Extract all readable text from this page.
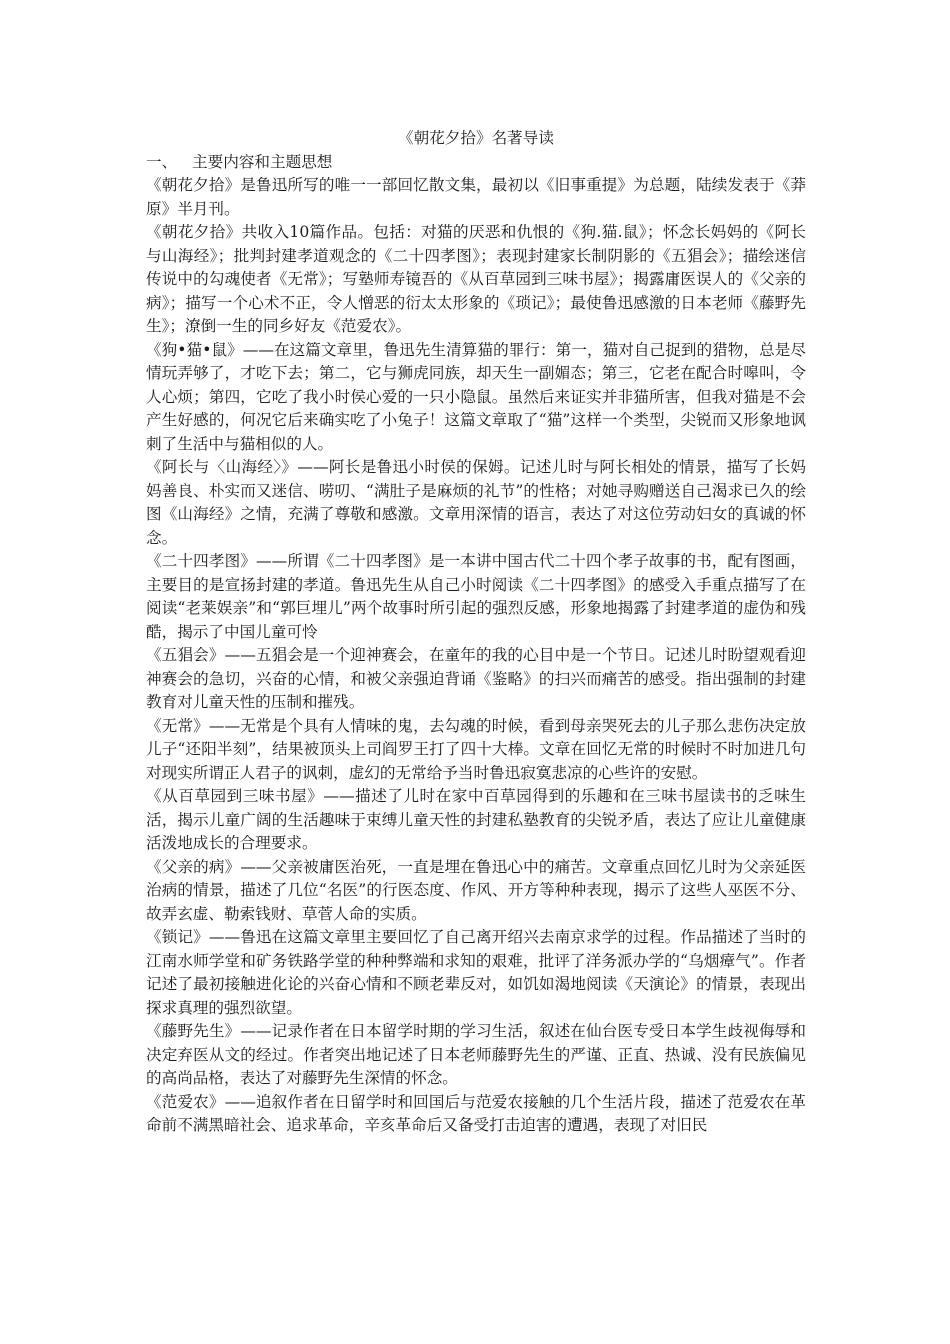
《朝花夕拾》名著导读

一、   主要内容和主题思想

《朝花夕拾》是鲁迅所写的唯一一部回忆散文集，最初以《旧事重提》为总题，陆续发表于《莽原》半月刊。

《朝花夕拾》共收入10篇作品。包括：对猫的厌恶和仇恨的《狗.猫.鼠》；怀念长妈妈的《阿长与山海经》；批判封建孝道观念的《二十四孝图》；表现封建家长制阴影的《五猖会》；描绘迷信传说中的勾魂使者《无常》；写塾师寿镜吾的《从百草园到三味书屋》；揭露庸医误人的《父亲的病》；描写一个心术不正，令人憎恶的衍太太形象的《琐记》；最使鲁迅感激的日本老师《藤野先生》；潦倒一生的同乡好友《范爱农》。

《狗•猫•鼠》——在这篇文章里，鲁迅先生清算猫的罪行：第一，猫对自己捉到的猎物，总是尽情玩弄够了，才吃下去；第二，它与狮虎同族，却天生一副媚态；第三，它老在配合时嗥叫，令人心烦；第四，它吃了我小时侯心爱的一只小隐鼠。虽然后来证实并非猫所害，但我对猫是不会产生好感的，何况它后来确实吃了小兔子！这篇文章取了“猫”这样一个类型，尖锐而又形象地讽刺了生活中与猫相似的人。

《阿长与〈山海经〉》——阿长是鲁迅小时侯的保姆。记述儿时与阿长相处的情景，描写了长妈妈善良、朴实而又迷信、唠叨、“满肚子是麻烦的礼节”的性格；对她寻购赠送自己渴求已久的绘图《山海经》之情，充满了尊敬和感激。文章用深情的语言，表达了对这位劳动妇女的真诚的怀念。

《二十四孝图》——所谓《二十四孝图》是一本讲中国古代二十四个孝子故事的书，配有图画，主要目的是宣扬封建的孝道。鲁迅先生从自己小时阅读《二十四孝图》的感受入手重点描写了在阅读“老莱娱亲”和“郭巨埋儿”两个故事时所引起的强烈反感，形象地揭露了封建孝道的虚伪和残酷，揭示了中国儿童可怜

《五猖会》——五猖会是一个迎神赛会，在童年的我的心目中是一个节日。记述儿时盼望观看迎神赛会的急切，兴奋的心情，和被父亲强迫背诵《鉴略》的扫兴而痛苦的感受。指出强制的封建教育对儿童天性的压制和摧残。

《无常》——无常是个具有人情味的鬼，去勾魂的时候，看到母亲哭死去的儿子那么悲伤决定放儿子“还阳半刻”，结果被顶头上司阎罗王打了四十大棒。文章在回忆无常的时候时不时加进几句对现实所谓正人君子的讽刺，虚幻的无常给予当时鲁迅寂寞悲凉的心些许的安慰。

《从百草园到三味书屋》——描述了儿时在家中百草园得到的乐趣和在三味书屋读书的乏味生活，揭示儿童广阔的生活趣味于束缚儿童天性的封建私塾教育的尖锐矛盾，表达了应让儿童健康活泼地成长的合理要求。

《父亲的病》——父亲被庸医治死，一直是埋在鲁迅心中的痛苦。文章重点回忆儿时为父亲延医治病的情景，描述了几位“名医”的行医态度、作风、开方等种种表现，揭示了这些人巫医不分、故弄玄虚、勒索钱财、草菅人命的实质。

《锁记》——鲁迅在这篇文章里主要回忆了自己离开绍兴去南京求学的过程。作品描述了当时的江南水师学堂和矿务铁路学堂的种种弊端和求知的艰难，批评了洋务派办学的“乌烟瘴气”。作者记述了最初接触进化论的兴奋心情和不顾老辈反对，如饥如渴地阅读《天演论》的情景，表现出探求真理的强烈欲望。

《藤野先生》——记录作者在日本留学时期的学习生活，叙述在仙台医专受日本学生歧视侮辱和决定弃医从文的经过。作者突出地记述了日本老师藤野先生的严谨、正直、热诚、没有民族偏见的高尚品格，表达了对藤野先生深情的怀念。

《范爱农》——追叙作者在日留学时和回国后与范爱农接触的几个生活片段，描述了范爱农在革命前不满黑暗社会、追求革命，辛亥革命后又备受打击迫害的遭遇，表现了对旧民
